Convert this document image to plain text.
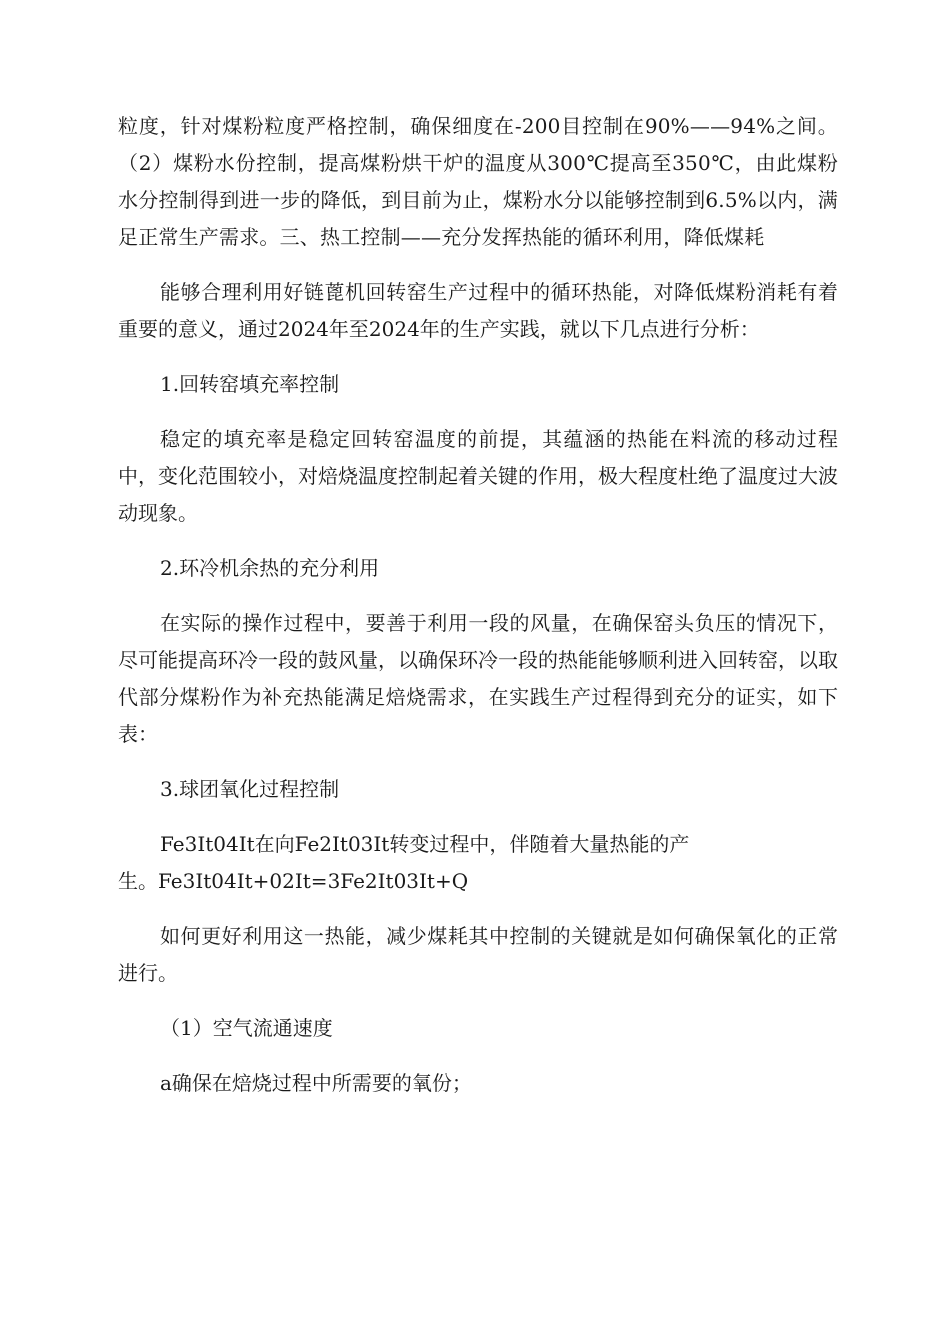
粒度，针对煤粉粒度严格控制，确保细度在-200目控制在90%——94%之间。（2）煤粉水份控制，提高煤粉烘干炉的温度从300℃提高至350℃，由此煤粉水分控制得到进一步的降低，到目前为止，煤粉水分以能够控制到6.5%以内，满足正常生产需求。三、热工控制——充分发挥热能的循环利用，降低煤耗

能够合理利用好链蓖机回转窑生产过程中的循环热能，对降低煤粉消耗有着重要的意义，通过2024年至2024年的生产实践，就以下几点进行分析：

1.回转窑填充率控制

稳定的填充率是稳定回转窑温度的前提，其蕴涵的热能在料流的移动过程中，变化范围较小，对焙烧温度控制起着关键的作用，极大程度杜绝了温度过大波动现象。

2.环冷机余热的充分利用

在实际的操作过程中，要善于利用一段的风量，在确保窑头负压的情况下，尽可能提高环冷一段的鼓风量，以确保环冷一段的热能能够顺利进入回转窑，以取代部分煤粉作为补充热能满足焙烧需求，在实践生产过程得到充分的证实，如下表：

3.球团氧化过程控制

Fe3Ⅰt04Ⅰt在向Fe2Ⅰt03Ⅰt转变过程中，伴随着大量热能的产

生。Fe3Ⅰt04Ⅰt+02Ⅰt=3Fe2Ⅰt03Ⅰt+Q

如何更好利用这一热能，减少煤耗其中控制的关键就是如何确保氧化的正常进行。

（1）空气流通速度

a确保在焙烧过程中所需要的氧份；
